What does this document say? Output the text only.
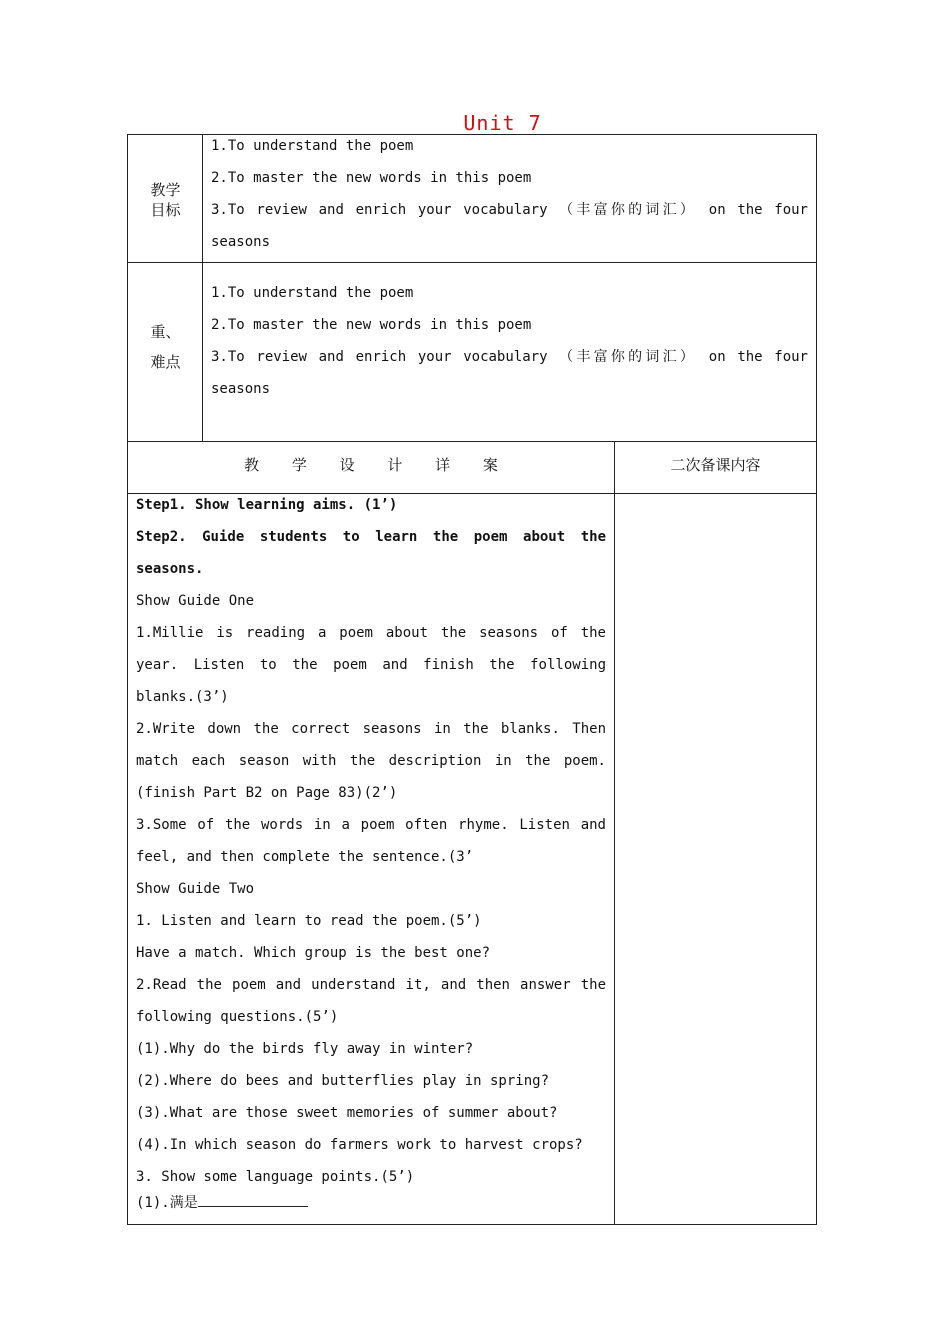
Unit 7
教学
目标
1.To understand the poem
2.To master the new words in this poem
3.To review and enrich your vocabulary （丰富你的词汇） on the four
seasons
重、
难点
1.To understand the poem
2.To master the new words in this poem
3.To review and enrich your vocabulary （丰富你的词汇） on the four
seasons
教 学 设 计 详 案	二次备课内容
Step1. Show learning aims. (1’)
Step2. Guide students to learn the poem about the
seasons.
Show Guide One
1.Millie is reading a poem about the seasons of the
year. Listen to the poem and finish the following
blanks.(3’)
2.Write down the correct seasons in the blanks. Then
match each season with the description in the poem.
(finish Part B2 on Page 83)(2’)
3.Some of the words in a poem often rhyme. Listen and
feel, and then complete the sentence.(3’
Show Guide Two
1. Listen and learn to read the poem.(5’)
Have a match. Which group is the best one?
2.Read the poem and understand it, and then answer the
following questions.(5’)
(1).Why do the birds fly away in winter?
(2).Where do bees and butterflies play in spring?
(3).What are those sweet memories of summer about?
(4).In which season do farmers work to harvest crops?
3. Show some language points.(5’)
(1).满是
